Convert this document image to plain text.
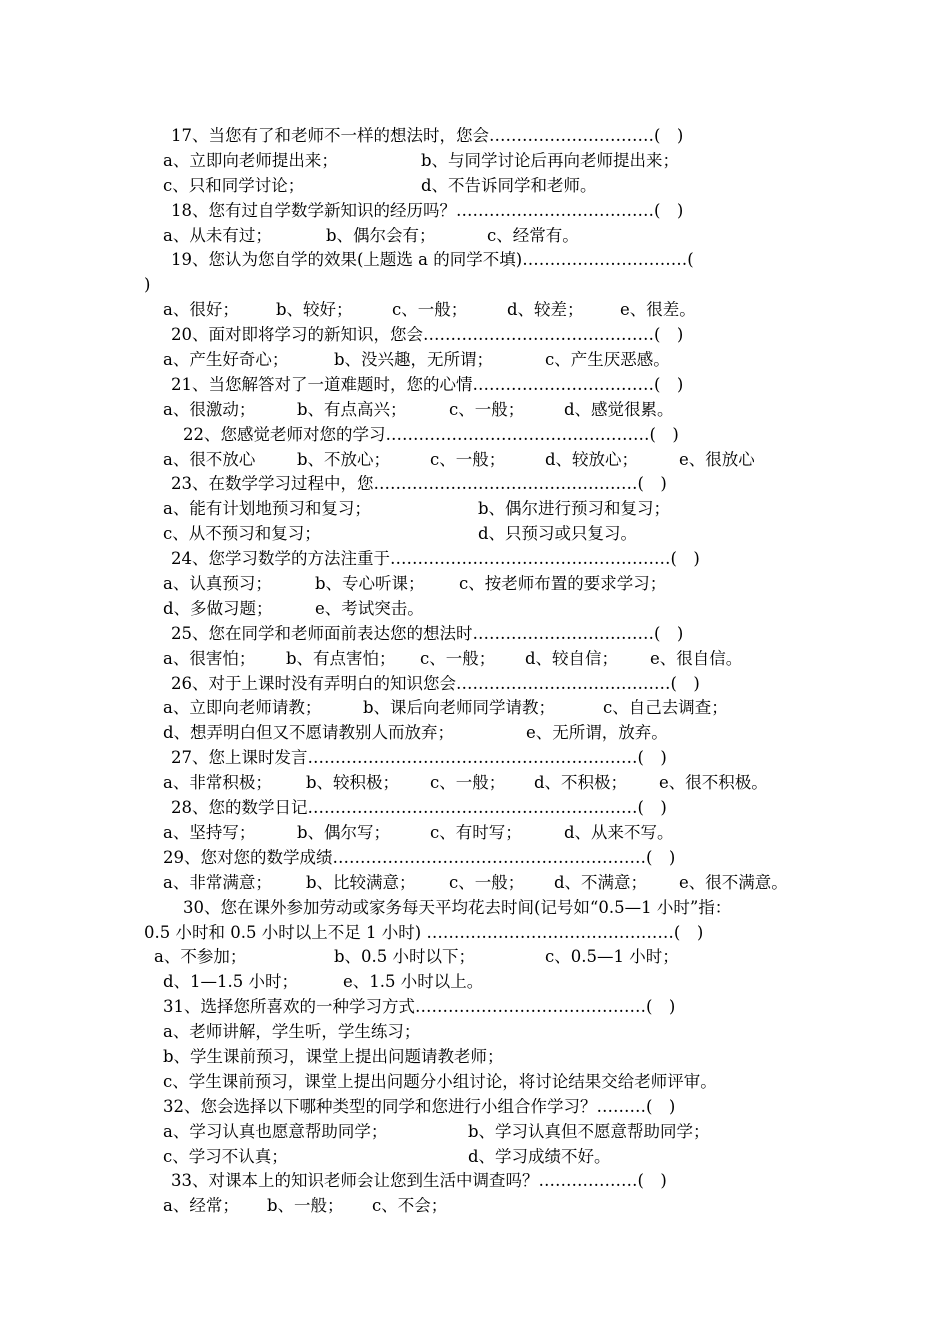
17、当您有了和老师不一样的想法时，您会…………………………(　)
a、立即向老师提出来；	b、与同学讨论后再向老师提出来；
c、只和同学讨论；	d、不告诉同学和老师。
18、您有过自学数学新知识的经历吗？………………………………(　)
a、从未有过；	b、偶尔会有；	c、经常有。
19、您认为您自学的效果(上题选 a 的同学不填)…………………………(
)
a、很好； b、较好； c、一般； d、较差； e、很差。
20、面对即将学习的新知识，您会……………………………………(　)
a、产生好奇心；	b、没兴趣，无所谓；	c、产生厌恶感。
21、当您解答对了一道难题时，您的心情……………………………(　)
a、很激动；	b、有点高兴；	c、一般； d、感觉很累。
22、您感觉老师对您的学习…………………………………………(　)
a、很不放心	b、不放心； c、一般； d、较放心； e、很放心
23、在数学学习过程中，您…………………………………………(　)
a、能有计划地预习和复习；	b、偶尔进行预习和复习；
c、从不预习和复习；	d、只预习或只复习。
24、您学习数学的方法注重于……………………………………………(　)
a、认真预习；	b、专心听课； c、按老师布置的要求学习；
d、多做习题；	e、考试突击。
25、您在同学和老师面前表达您的想法时……………………………(　)
a、很害怕； b、有点害怕； c、一般； d、较自信； e、很自信。
26、对于上课时没有弄明白的知识您会…………………………………(　)
a、立即向老师请教；	b、课后向老师同学请教；	c、自己去调查；
d、想弄明白但又不愿请教别人而放弃；	e、无所谓，放弃。
27、您上课时发言……………………………………………………(　)
a、非常积极； b、较积极； c、一般； d、不积极； e、很不积极。
28、您的数学日记……………………………………………………(　)
a、坚持写；	b、偶尔写； c、有时写；	d、从来不写。
29、您对您的数学成绩…………………………………………………(　)
a、非常满意； b、比较满意； c、一般； d、不满意； e、很不满意。
30、您在课外参加劳动或家务每天平均花去时间(记号如“0.5—1 小时”指：
0.5 小时和 0.5 小时以上不足 1 小时) ………………………………………(　)
a、不参加；	b、0.5 小时以下；	c、0.5—1 小时；
d、1—1.5 小时；	e、1.5 小时以上。
31、选择您所喜欢的一种学习方式……………………………………(　)
a、老师讲解，学生听，学生练习；
b、学生课前预习，课堂上提出问题请教老师；
c、学生课前预习，课堂上提出问题分小组讨论，将讨论结果交给老师评审。
32、您会选择以下哪种类型的同学和您进行小组合作学习？………(　)
a、学习认真也愿意帮助同学；	b、学习认真但不愿意帮助同学；
c、学习不认真；	d、学习成绩不好。
33、对课本上的知识老师会让您到生活中调查吗？………………(　)
a、经常； b、一般； c、不会；
